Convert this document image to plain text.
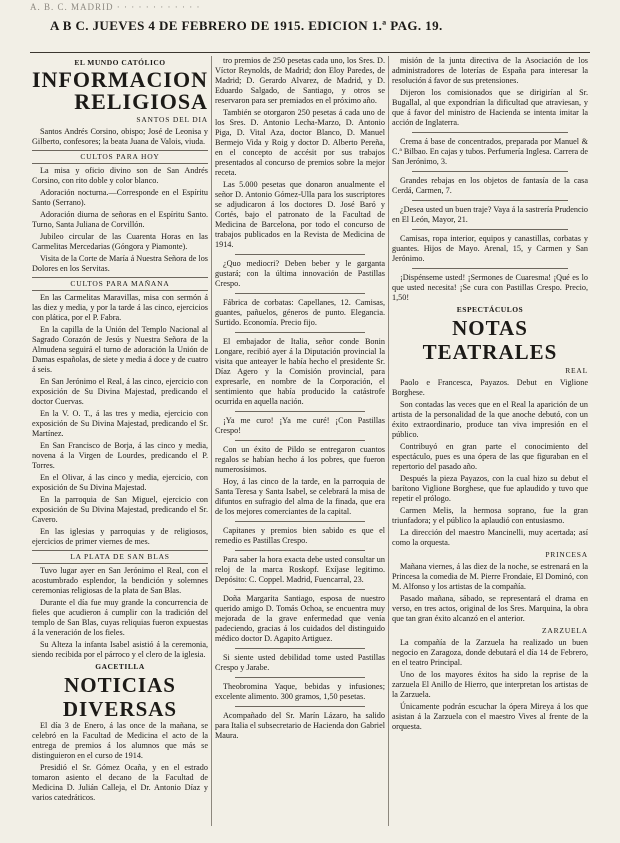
A. B. C. MADRID · · · · · · · · · · · ·
A B C. JUEVES 4 DE FEBRERO DE 1915. EDICION 1.ª PAG. 19.
EL MUNDO CATÓLICO
INFORMACION
RELIGIOSA
SANTOS DEL DIA

Santos Andrés Corsino, obispo; José de Leonisa y Gilberto, confesores; la beata Juana de Valois, viuda.

CULTOS PARA HOY

La misa y oficio divino son de San Andrés Corsino, con rito doble y color blanco.

Adoración nocturna.—Corresponde en el Espíritu Santo (Serrano).

Adoración diurna de señoras en el Espíritu Santo. Turno, Santa Juliana de Corvillón.

Jubileo circular de las Cuarenta Horas en las Carmelitas Mercedarias (Góngora y Piamonte).

Visita de la Corte de María á Nuestra Señora de los Dolores en los Servitas.

CULTOS PARA MAÑANA

En las Carmelitas Maravillas, misa con sermón á las diez y media, y por la tarde á las cinco, ejercicios con plática, por el P. Fabra.

En la capilla de la Unión del Templo Nacional al Sagrado Corazón de Jesús y Nuestra Señora de la Almudena seguirá el turno de adoración la Unión de Damas españolas, de siete y media á doce y de cuatro á seis.

En San Jerónimo el Real, á las cinco, ejercicio con exposición de Su Divina Majestad, predicando el doctor Cuervas.

En la V. O. T., á las tres y media, ejercicio con exposición de Su Divina Majestad, predicando el Sr. Martínez.

En San Francisco de Borja, á las cinco y media, novena á la Virgen de Lourdes, predicando el P. Torres.

En el Olivar, á las cinco y media, ejercicio, con exposición de Su Divina Majestad.

En la parroquia de San Miguel, ejercicio con exposición de Su Divina Majestad, predicando el Sr. Cavero.

En las iglesias y parroquias y de religiosos, ejercicios de primer viernes de mes.

LA PLATA DE SAN BLAS

Tuvo lugar ayer en San Jerónimo el Real, con el acostumbrado esplendor, la bendición y solemnes ceremonias religiosas de la plata de San Blas.

Durante el día fue muy grande la concurrencia de fieles que acudieron á cumplir con la tradición del templo de San Blas, cuyas reliquias fueron expuestas á la veneración de los fieles.

Su Alteza la infanta Isabel asistió á la ceremonia, siendo recibida por el párroco y el clero de la iglesia.

GACETILLA
NOTICIAS DIVERSAS

El día 3 de Enero, á las once de la mañana, se celebró en la Facultad de Medicina el acto de la entrega de premios á los alumnos que más se distinguieron en el curso de 1914.

Presidió el Sr. Gómez Ocaña, y en el estrado tomaron asiento el decano de la Facultad de Medicina D. Julián Calleja, el Dr. Antonio Díaz y varios catedráticos.

tro premios de 250 pesetas cada uno, los Sres. D. Víctor Reynolds, de Madrid; don Eloy Paredes, de Madrid; D. Gerardo Alvarez, de Madrid, y D. Eduardo Salgado, de Santiago, y otros se reservaron para ser premiados en el próximo año.

También se otorgaron 250 pesetas á cada uno de los Sres. D. Antonio Lecha-Marzo, D. Antonio Piga, D. Vital Aza, doctor Blanco, D. Manuel Bermejo Vida y Roig y doctor D. Alberto Pereña, en el concepto de accésit por sus trabajos presentados al concurso de premios sobre la mejor receta.

Las 5.000 pesetas que donaron anualmente el señor D. Antonio Gómez-Ulla para los suscriptores se adjudicaron á los doctores D. José Baró y Cortés, bajo el patronato de la Facultad de Medicina de Barcelona, por todo el concurso de trabajos publicados en la Revista de Medicina de 1914.

¿Quo mediocri? Deben beber y le garganta gustará; con la última innovación de Pastillas Crespo.

Fábrica de corbatas: Capellanes, 12. Camisas, guantes, pañuelos, géneros de punto. Elegancia. Surtido. Economía. Precio fijo.

El embajador de Italia, señor conde Bonin Longare, recibió ayer á la Diputación provincial la visita que anteayer le había hecho el presidente Sr. Díaz Agero y la Comisión provincial, para expresarle, en nombre de la Corporación, el sentimiento que había producido la catástrofe ocurrida en aquella nación.

¡Ya me curo! ¡Ya me curé! ¡Con Pastillas Crespo!

Con un éxito de Pildo se entregaron cuantos regalos se habían hecho á los pobres, que fueron numerosísimos.

Hoy, á las cinco de la tarde, en la parroquia de Santa Teresa y Santa Isabel, se celebrará la misa de difuntos en sufragio del alma de la finada, que era de los mejores comerciantes de la capital.

Capitanes y premios bien sabido es que el remedio es Pastillas Crespo.

Para saber la hora exacta debe usted consultar un reloj de la marca Roskopf. Exíjase legitimo. Depósito: C. Coppel. Madrid, Fuencarral, 23.

Doña Margarita Santiago, esposa de nuestro querido amigo D. Tomás Ochoa, se encuentra muy mejorada de la grave enfermedad que venía padeciendo, gracias á los cuidados del distinguido médico doctor D. Agapito Artiguez.

Si siente usted debilidad tome usted Pastillas Crespo y Jarabe.

Theobromina Yaque, bebidas y infusiones; excelente alimento. 300 gramos, 1,50 pesetas.

Acompañado del Sr. Marín Lázaro, ha salido para Italia el subsecretario de Hacienda don Gabriel Maura.

misión de la junta directiva de la Asociación de los administradores de loterías de España para interesar la resolución á favor de sus pretensiones.

Dijeron los comisionados que se dirigirían al Sr. Bugallal, al que expondrían la dificultad que atraviesan, y que á favor del ministro de Hacienda se intenta imitar la acción de Inglaterra.

Crema á base de concentrados, preparada por Manuel & C.ª Bilbao. En cajas y tubos. Perfumería Inglesa. Carrera de San Jerónimo, 3.

Grandes rebajas en los objetos de fantasía de la casa Cerdá, Carmen, 7.

¿Desea usted un buen traje? Vaya á la sastrería Prudencio en El León, Mayor, 21.

Camisas, ropa interior, equipos y canastillas, corbatas y guantes. Hijos de Mayo. Arenal, 15, y Carmen y San Jerónimo.

¡Dispénseme usted! ¡Sermones de Cuaresma! ¡Qué es lo que usted necesita! ¡Se cura con Pastillas Crespo. Precio, 1,50!

ESPECTÁCULOS
NOTAS TEATRALES
REAL

Paolo e Francesca, Payazos. Debut en Viglione Borghese.

Son contadas las veces que en el Real la aparición de un artista de la personalidad de la que anoche debutó, con un éxito extraordinario, produce tan viva impresión en el público.

Contribuyó en gran parte el conocimiento del espectáculo, pues es una ópera de las que figuraban en el repertorio del pasado año.

Después la pieza Payazos, con la cual hizo su debut el barítono Viglione Borghese, que fue aplaudido y tuvo que repetir el prólogo.

Carmen Melis, la hermosa soprano, fue la gran triunfadora; y el público la aplaudió con entusiasmo.

La dirección del maestro Mancinelli, muy acertada; así como la orquesta.

PRINCESA

Mañana viernes, á las diez de la noche, se estrenará en la Princesa la comedia de M. Pierre Frondaie, El Dominó, con M. Alfonso y los artistas de la compañía.

Pasado mañana, sábado, se representará el drama en verso, en tres actos, original de los Sres. Marquina, la obra que tan gran éxito alcanzó en el anterior.

ZARZUELA

La compañía de la Zarzuela ha realizado un buen negocio en Zaragoza, donde debutará el día 14 de Febrero, en el teatro Principal.

Uno de los mayores éxitos ha sido la reprise de la zarzuela El Anillo de Hierro, que interpretan los artistas de la Zarzuela.

Únicamente podrán escuchar la ópera Mireya á los que asistan á la Zarzuela con el maestro Vives al frente de la orquesta.
